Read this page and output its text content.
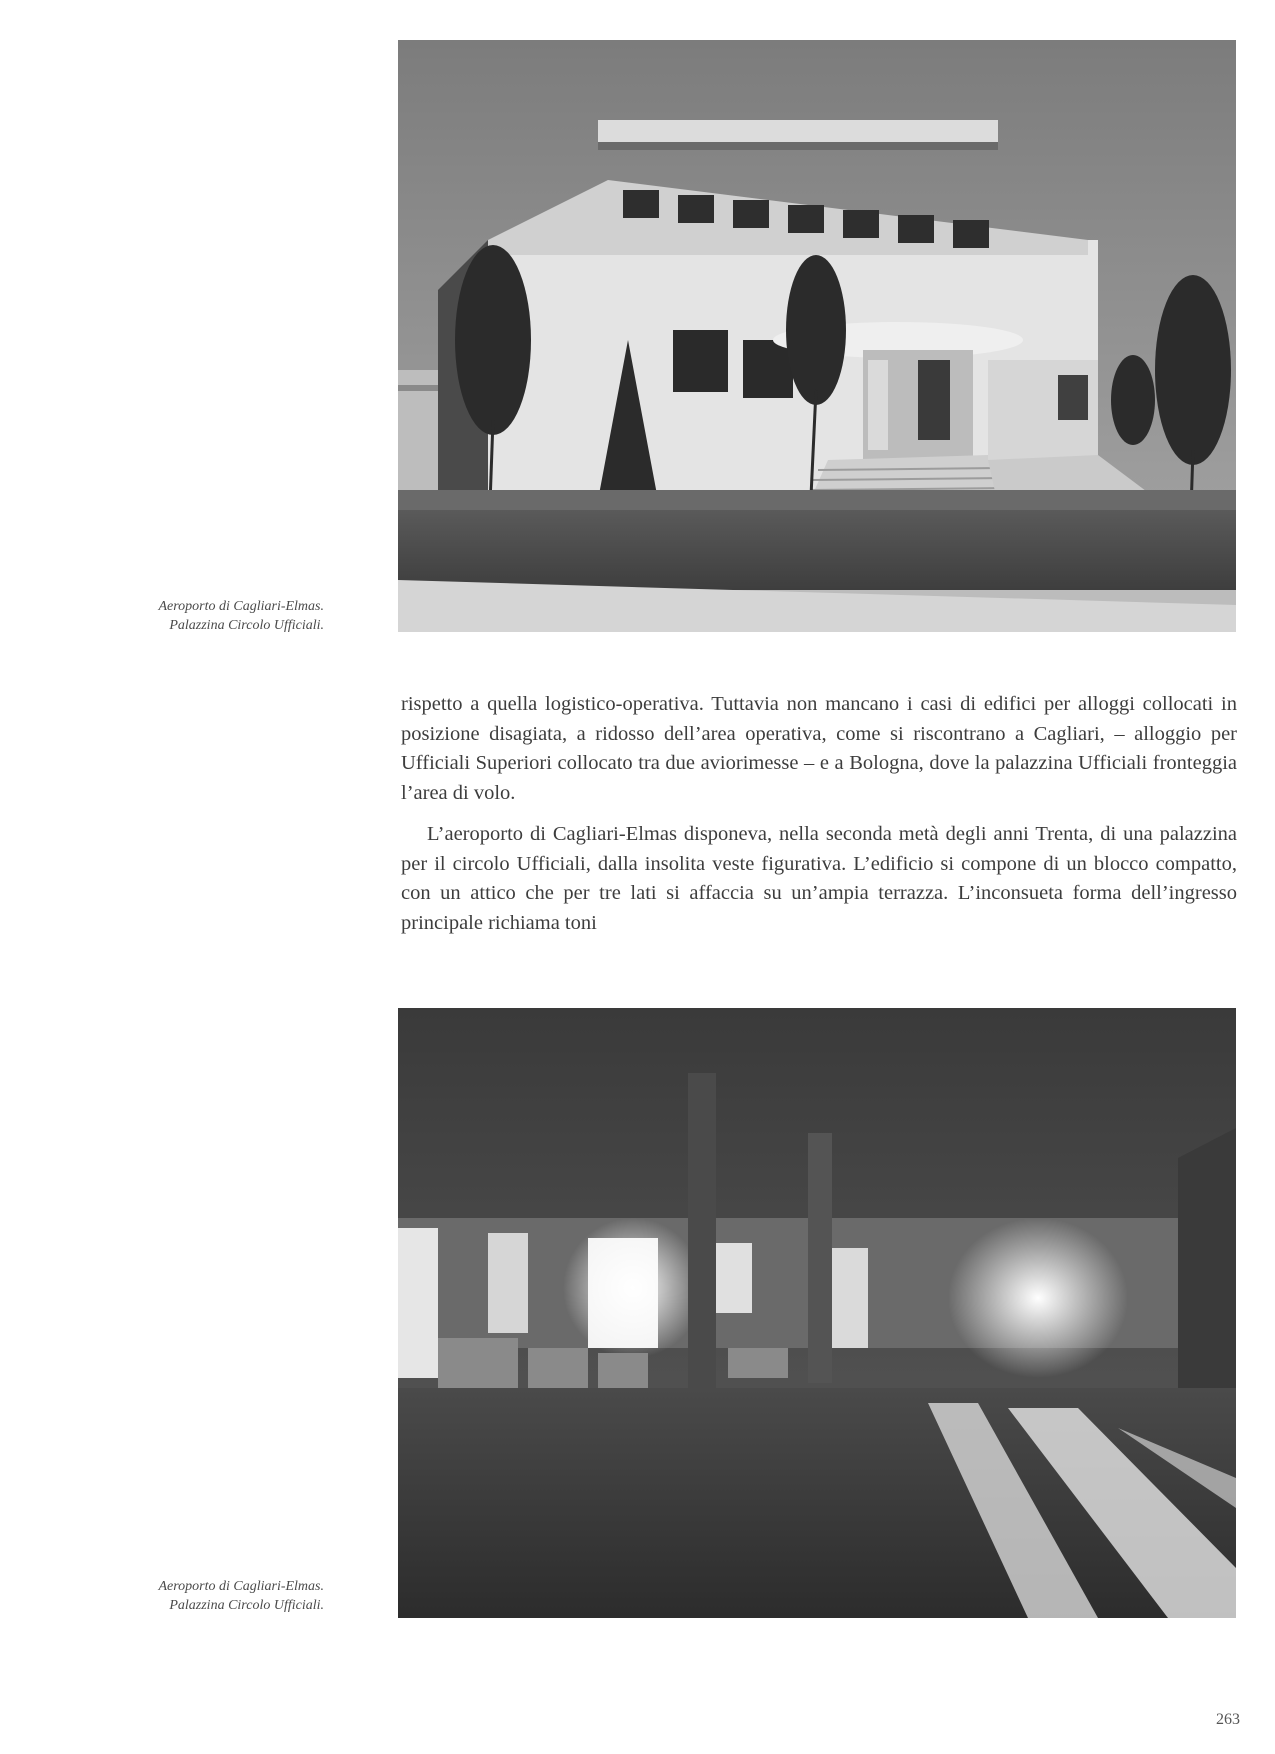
Aeroporto di Cagliari-Elmas.
Palazzina Circolo Ufficiali.

rispetto a quella logistico-operativa. Tuttavia non mancano i casi di edifici per alloggi collocati in posizione disagiata, a ridosso dell’area operativa, come si riscontrano a Cagliari, – alloggio per Ufficiali Superiori collocato tra due aviorimesse – e a Bologna, dove la palazzina Ufficiali fronteggia l’area di volo.

L’aeroporto di Cagliari-Elmas disponeva, nella seconda metà degli anni Trenta, di una palazzina per il circolo Ufficiali, dalla insolita veste figurativa. L’edificio si compone di un blocco compatto, con un attico che per tre lati si affaccia su un’ampia terrazza. L’inconsueta forma dell’ingresso principale richiama toni

Aeroporto di Cagliari-Elmas.
Palazzina Circolo Ufficiali.
263
